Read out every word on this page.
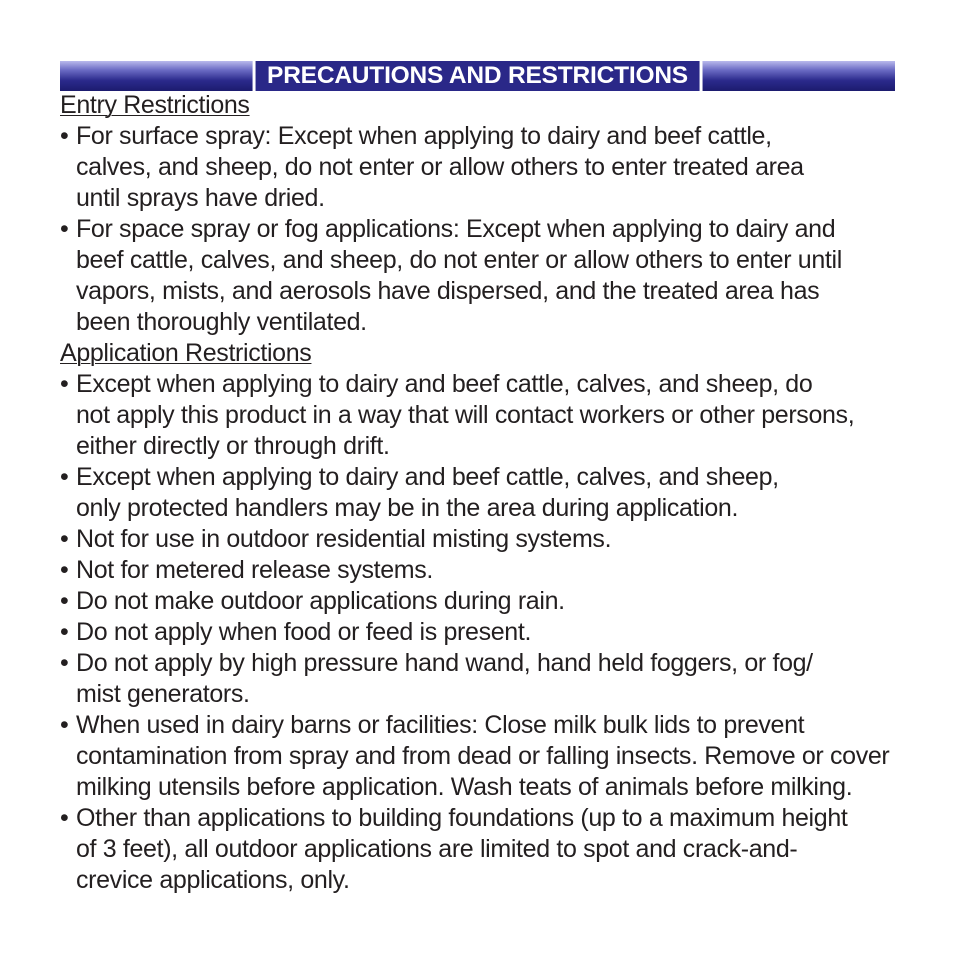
PRECAUTIONS AND RESTRICTIONS
Entry Restrictions
• For surface spray: Except when applying to dairy and beef cattle,
calves, and sheep, do not enter or allow others to enter treated area
until sprays have dried.
• For space spray or fog applications: Except when applying to dairy and
beef cattle, calves, and sheep, do not enter or allow others to enter until
vapors, mists, and aerosols have dispersed, and the treated area has
been thoroughly ventilated.
Application Restrictions
• Except when applying to dairy and beef cattle, calves, and sheep, do
not apply this product in a way that will contact workers or other persons,
either directly or through drift.
• Except when applying to dairy and beef cattle, calves, and sheep,
only protected handlers may be in the area during application.
• Not for use in outdoor residential misting systems.
• Not for metered release systems.
• Do not make outdoor applications during rain.
• Do not apply when food or feed is present.
• Do not apply by high pressure hand wand, hand held foggers, or fog/
mist generators.
• When used in dairy barns or facilities: Close milk bulk lids to prevent
contamination from spray and from dead or falling insects. Remove or cover
milking utensils before application. Wash teats of animals before milking.
• Other than applications to building foundations (up to a maximum height
of 3 feet), all outdoor applications are limited to spot and crack-and-
crevice applications, only.
